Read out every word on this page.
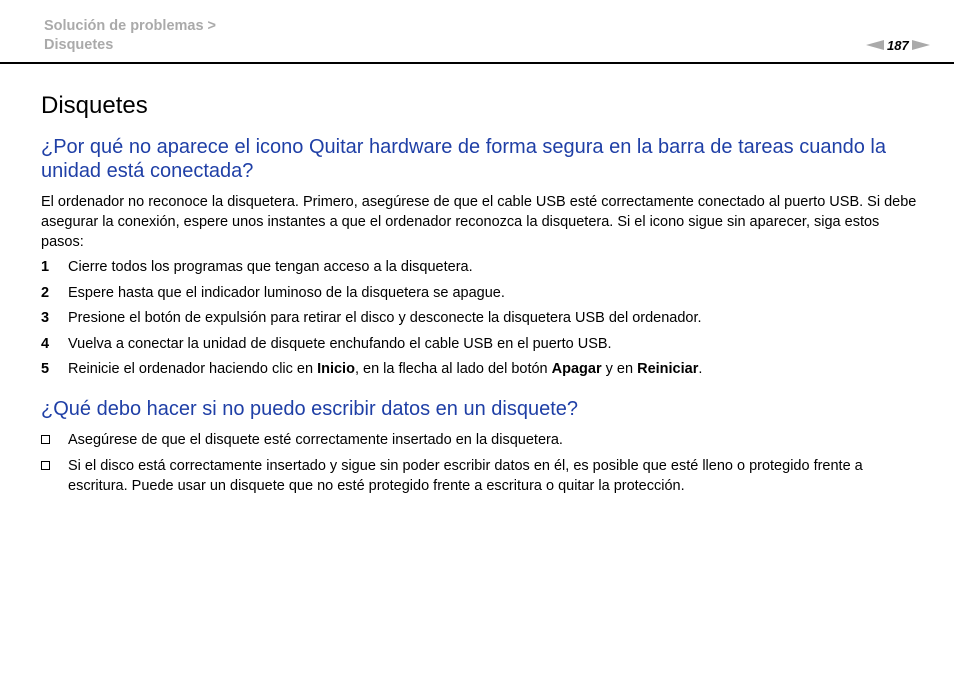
Solución de problemas >
Disquetes	187
Disquetes
¿Por qué no aparece el icono Quitar hardware de forma segura en la barra de tareas cuando la unidad está conectada?

El ordenador no reconoce la disquetera. Primero, asegúrese de que el cable USB esté correctamente conectado al puerto USB. Si debe asegurar la conexión, espere unos instantes a que el ordenador reconozca la disquetera. Si el icono sigue sin aparecer, siga estos pasos:

1 Cierre todos los programas que tengan acceso a la disquetera.
2 Espere hasta que el indicador luminoso de la disquetera se apague.
3 Presione el botón de expulsión para retirar el disco y desconecte la disquetera USB del ordenador.
4 Vuelva a conectar la unidad de disquete enchufando el cable USB en el puerto USB.
5 Reinicie el ordenador haciendo clic en Inicio, en la flecha al lado del botón Apagar y en Reiniciar.
¿Qué debo hacer si no puedo escribir datos en un disquete?
Asegúrese de que el disquete esté correctamente insertado en la disquetera.
Si el disco está correctamente insertado y sigue sin poder escribir datos en él, es posible que esté lleno o protegido frente a escritura. Puede usar un disquete que no esté protegido frente a escritura o quitar la protección.
